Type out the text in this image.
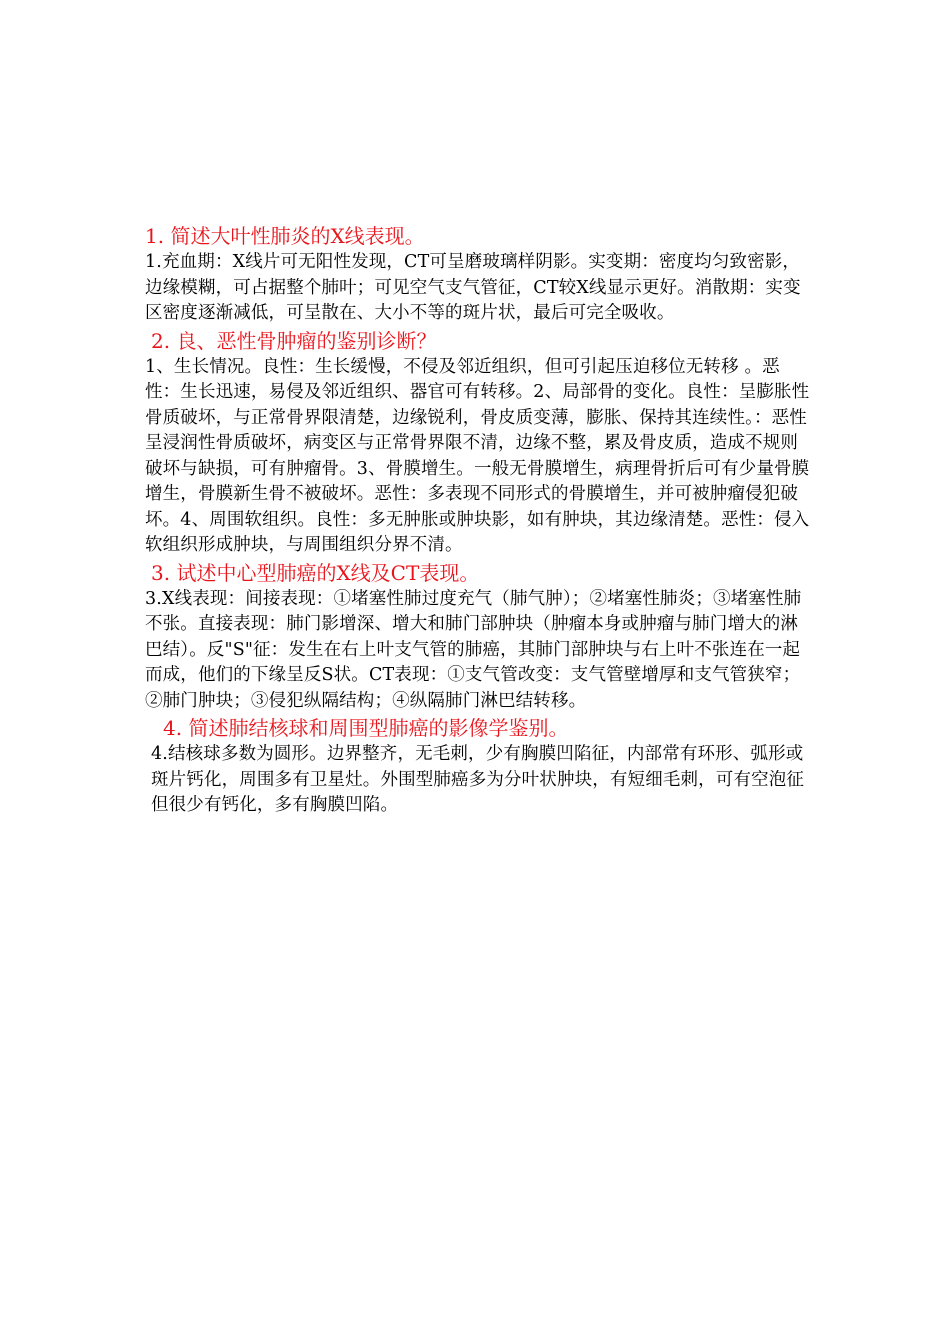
1. 简述大叶性肺炎的X线表现。

1.充血期：X线片可无阳性发现，CT可呈磨玻璃样阴影。实变期：密度均匀致密影，边缘模糊，可占据整个肺叶；可见空气支气管征，CT较X线显示更好。消散期：实变区密度逐渐减低，可呈散在、大小不等的斑片状，最后可完全吸收。

2. 良、恶性骨肿瘤的鉴别诊断？

1、生长情况。良性：生长缓慢，不侵及邻近组织，但可引起压迫移位无转移 。恶性：生长迅速，易侵及邻近组织、器官可有转移。2、局部骨的变化。良性：呈膨胀性骨质破坏，与正常骨界限清楚，边缘锐利，骨皮质变薄，膨胀、保持其连续性。：恶性 呈浸润性骨质破坏，病变区与正常骨界限不清，边缘不整，累及骨皮质，造成不规则破坏与缺损，可有肿瘤骨。3、骨膜增生。一般无骨膜增生，病理骨折后可有少量骨膜增生，骨膜新生骨不被破坏。恶性：多表现不同形式的骨膜增生，并可被肿瘤侵犯破坏。4、周围软组织。良性：多无肿胀或肿块影，如有肿块，其边缘清楚。恶性：侵入软组织形成肿块，与周围组织分界不清。

3. 试述中心型肺癌的X线及CT表现。

3.X线表现：间接表现：①堵塞性肺过度充气（肺气肿）；②堵塞性肺炎；③堵塞性肺不张。直接表现：肺门影增深、增大和肺门部肿块（肿瘤本身或肿瘤与肺门增大的淋巴结）。反"S"征：发生在右上叶支气管的肺癌，其肺门部肿块与右上叶不张连在一起而成，他们的下缘呈反S状。CT表现：①支气管改变：支气管壁增厚和支气管狭窄；②肺门肿块；③侵犯纵隔结构；④纵隔肺门淋巴结转移。

4. 简述肺结核球和周围型肺癌的影像学鉴别。

4.结核球多数为圆形。边界整齐，无毛刺，少有胸膜凹陷征，内部常有环形、弧形或斑片钙化，周围多有卫星灶。外围型肺癌多为分叶状肿块，有短细毛刺，可有空泡征但很少有钙化，多有胸膜凹陷。
